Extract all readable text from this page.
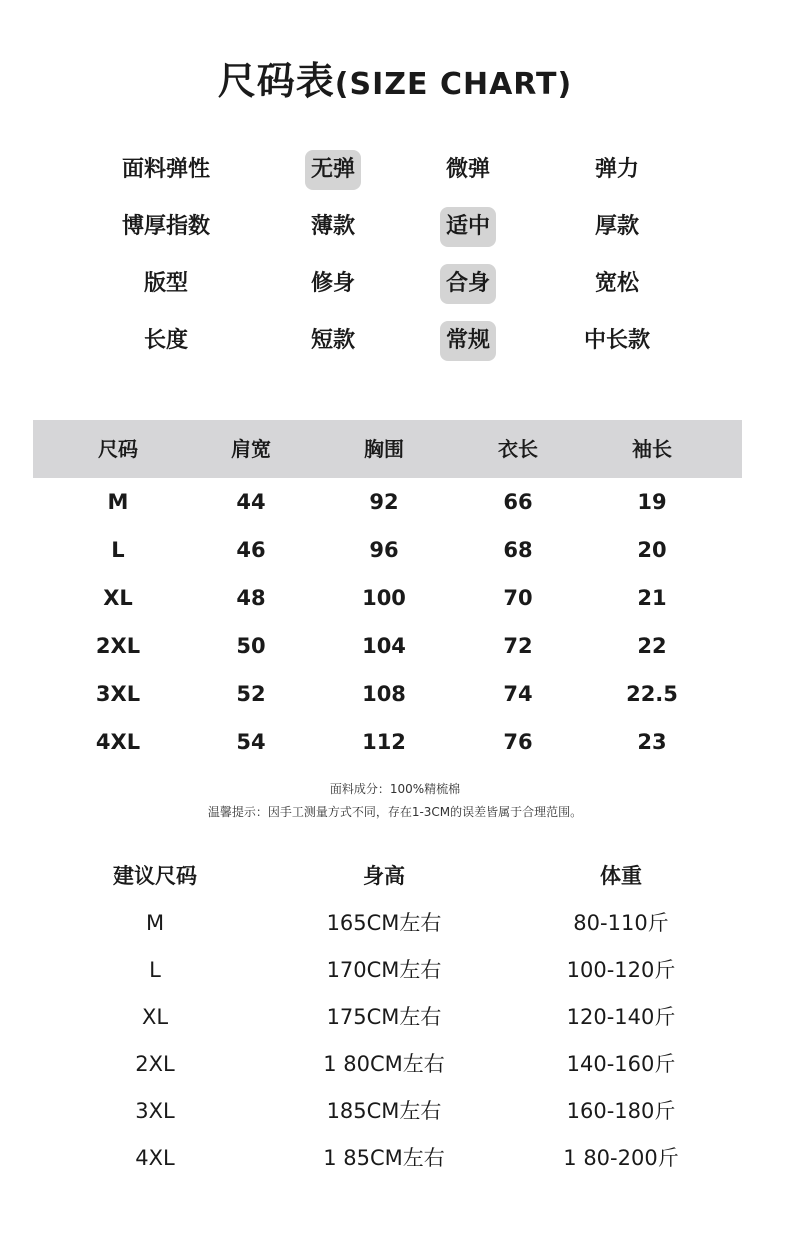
尺码表(SIZE CHART)
面料弹性	无弹	微弹	弹力
博厚指数	薄款	适中	厚款
版型	修身	合身	宽松
长度	短款	常规	中长款
尺码	肩宽	胸围	衣长	袖长
M	44	92	66	19
L	46	96	68	20
XL	48	100	70	21
2XL	50	104	72	22
3XL	52	108	74	22.5
4XL	54	112	76	23
面料成分：100%精梳棉
温馨提示：因手工测量方式不同，存在1-3CM的误差皆属于合理范围。
建议尺码	身高	体重
M	165CM左右	80-110斤
L	170CM左右	100-120斤
XL	175CM左右	120-140斤
2XL	1 80CM左右	140-160斤
3XL	185CM左右	160-180斤
4XL	1 85CM左右	1 80-200斤
